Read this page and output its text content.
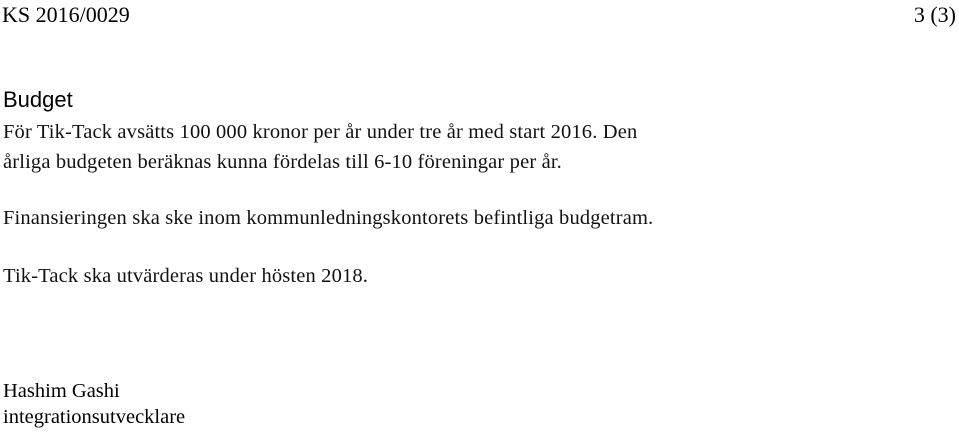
KS 2016/0029	3 (3)
Budget
För Tik-Tack avsätts 100 000 kronor per år under tre år med start 2016. Den
årliga budgeten beräknas kunna fördelas till 6-10 föreningar per år.
Finansieringen ska ske inom kommunledningskontorets befintliga budgetram.
Tik-Tack ska utvärderas under hösten 2018.
Hashim Gashi
integrationsutvecklare
